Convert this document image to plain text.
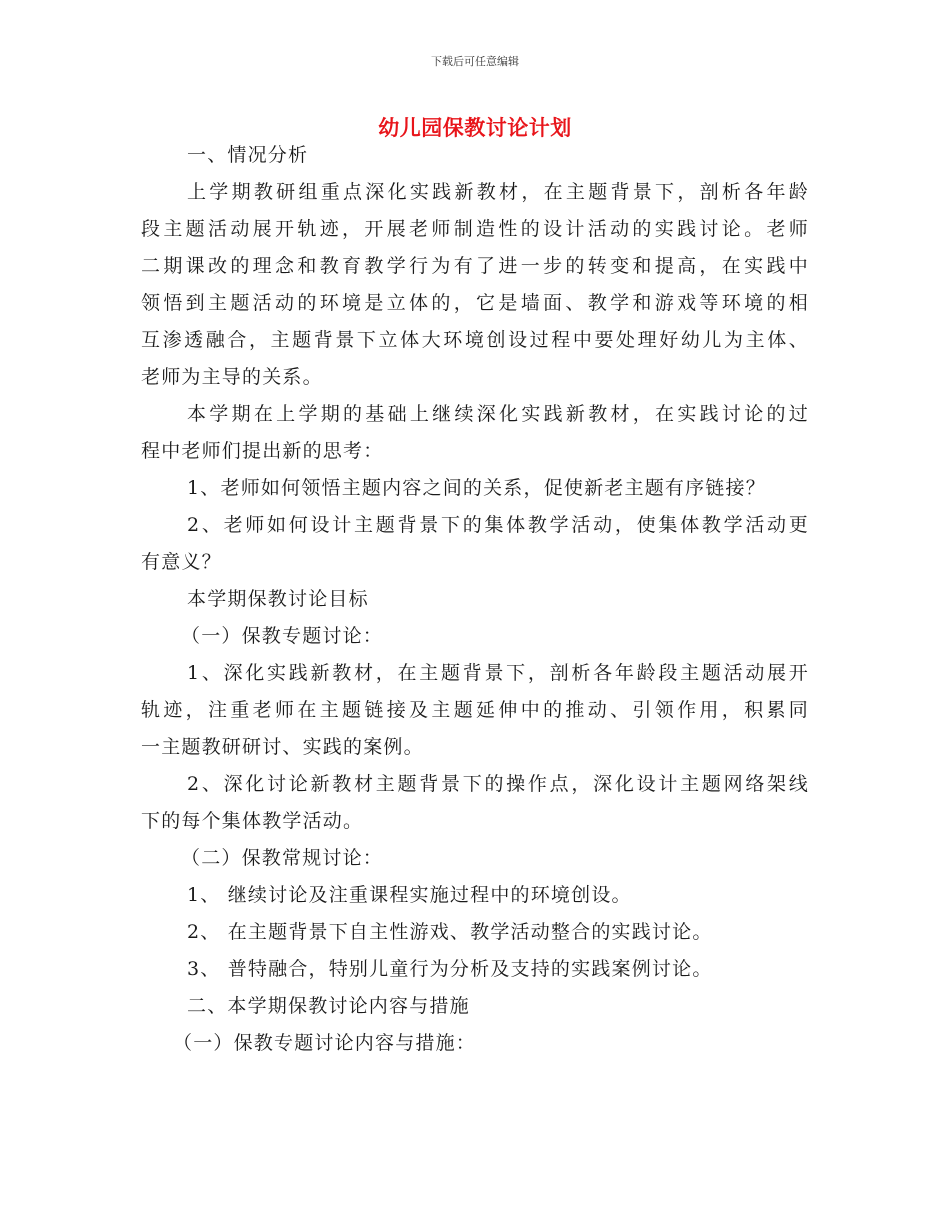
下载后可任意编辑
幼儿园保教讨论计划
一、情况分析
上学期教研组重点深化实践新教材，在主题背景下，剖析各年龄
段主题活动展开轨迹，开展老师制造性的设计活动的实践讨论。老师
二期课改的理念和教育教学行为有了进一步的转变和提高，在实践中
领悟到主题活动的环境是立体的，它是墙面、教学和游戏等环境的相
互渗透融合，主题背景下立体大环境创设过程中要处理好幼儿为主体、
老师为主导的关系。
本学期在上学期的基础上继续深化实践新教材，在实践讨论的过
程中老师们提出新的思考：
1、老师如何领悟主题内容之间的关系，促使新老主题有序链接？
2、老师如何设计主题背景下的集体教学活动，使集体教学活动更
有意义？
本学期保教讨论目标
（一）保教专题讨论：
1、深化实践新教材，在主题背景下，剖析各年龄段主题活动展开
轨迹，注重老师在主题链接及主题延伸中的推动、引领作用，积累同
一主题教研研讨、实践的案例。
2、深化讨论新教材主题背景下的操作点，深化设计主题网络架线
下的每个集体教学活动。
（二）保教常规讨论：
1、 继续讨论及注重课程实施过程中的环境创设。
2、 在主题背景下自主性游戏、教学活动整合的实践讨论。
3、 普特融合，特别儿童行为分析及支持的实践案例讨论。
二、本学期保教讨论内容与措施
（一）保教专题讨论内容与措施：
